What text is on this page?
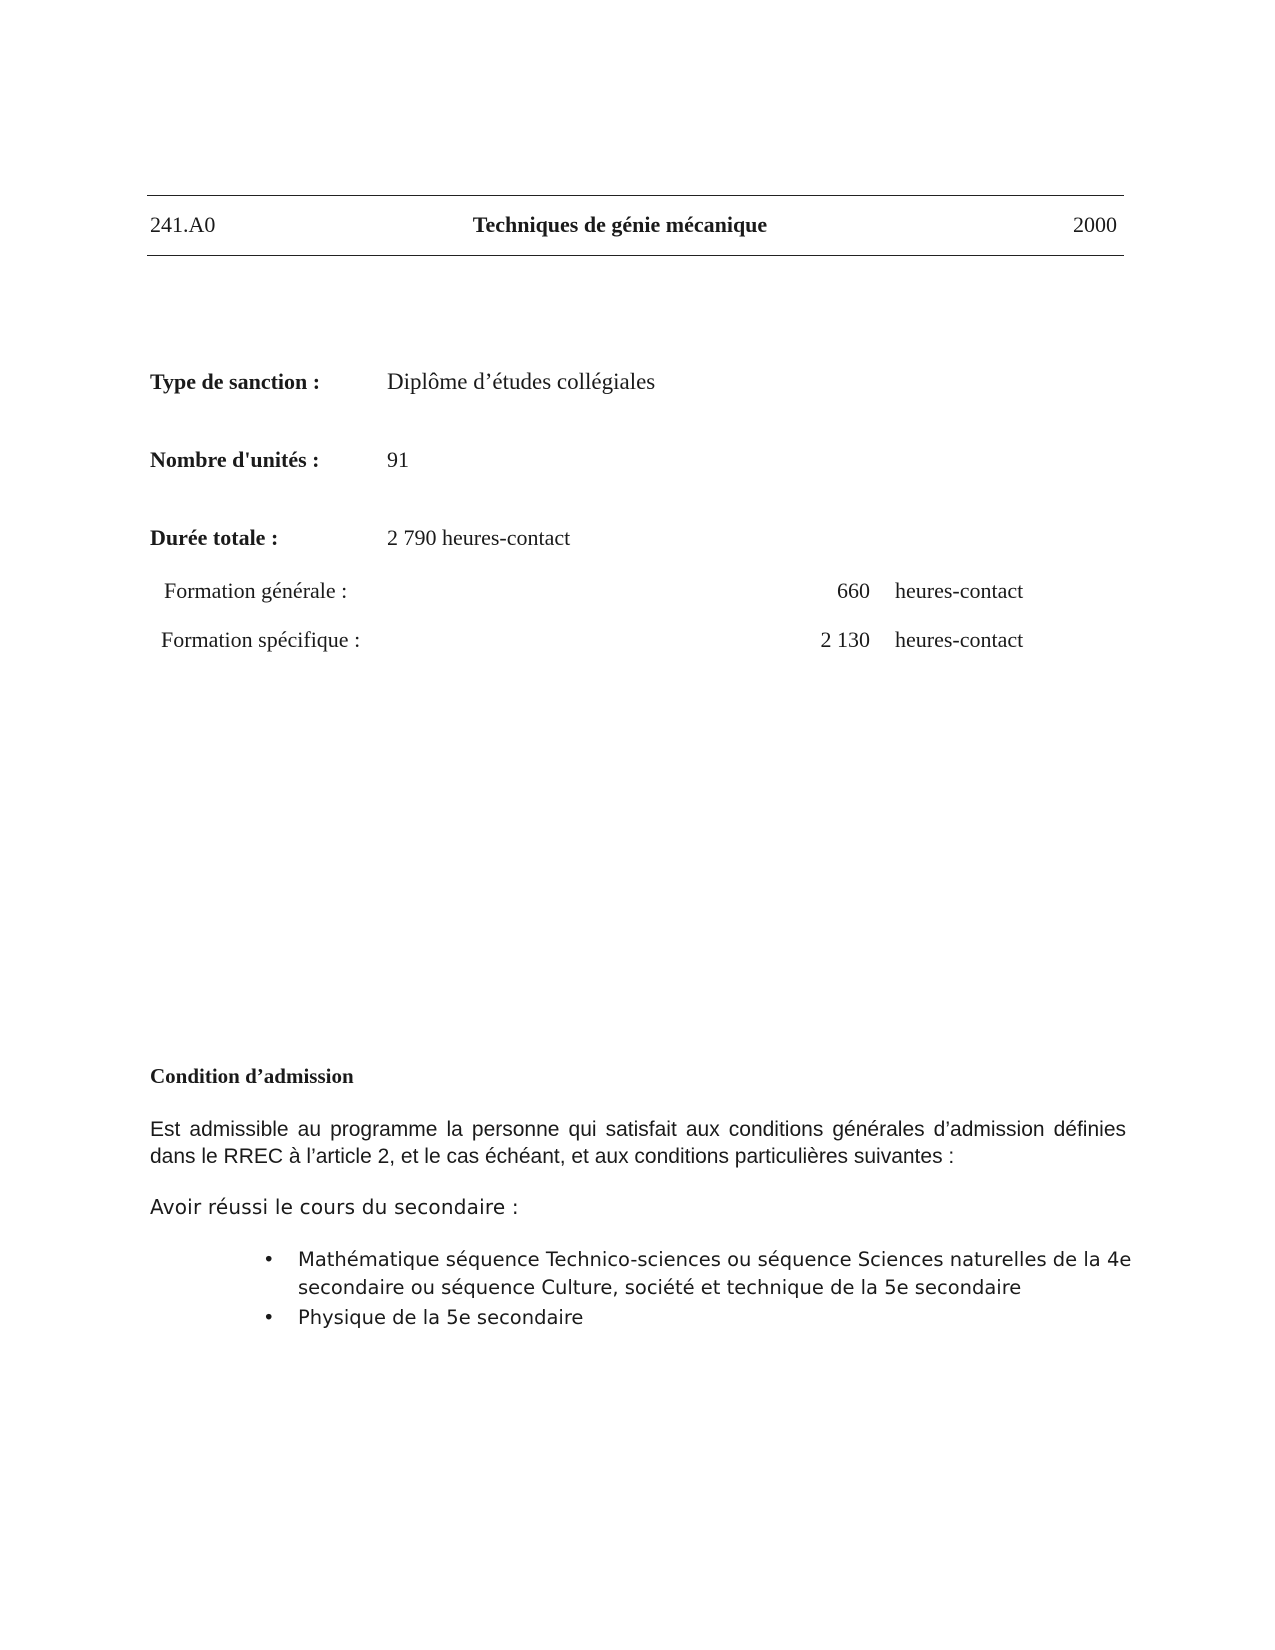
241.A0	Techniques de génie mécanique	2000
Type de sanction :	Diplôme d’études collégiales
Nombre d'unités :	91
Durée totale :	2 790 heures-contact
Formation générale :	660 heures-contact
Formation spécifique :	2 130 heures-contact
Condition d’admission
Est admissible au programme la personne qui satisfait aux conditions générales d’admission définies dans le RREC à l’article 2, et le cas échéant, et aux conditions particulières suivantes :
Avoir réussi le cours du secondaire :
• Mathématique séquence Technico-sciences ou séquence Sciences naturelles de la 4e secondaire ou séquence Culture, société et technique de la 5e secondaire
• Physique de la 5e secondaire
